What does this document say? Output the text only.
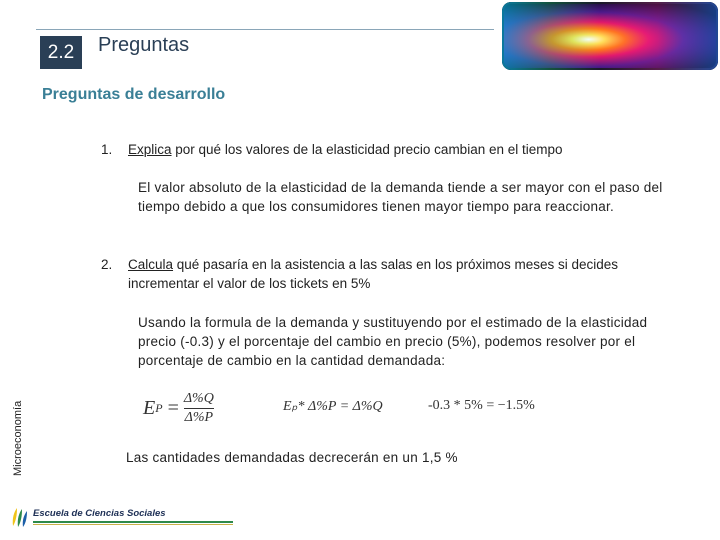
2.2 Preguntas
Preguntas de desarrollo
1. Explica por qué los valores de la elasticidad precio cambian en el tiempo
El valor absoluto de la elasticidad de la demanda tiende a ser mayor con el paso del tiempo debido a que los consumidores tienen mayor tiempo para reaccionar.
2. Calcula qué pasaría en la asistencia a las salas en los próximos meses si decides incrementar el valor de los tickets en 5%
Usando la formula de la demanda y sustituyendo por el estimado de la elasticidad precio (-0.3) y el porcentaje del cambio en precio (5%), podemos resolver por el porcentaje de cambio en la cantidad demandada:
E $P = \frac{\Delta\%Q}{\Delta\%P}$	Eₚ* Δ%P = Δ%Q	-0.3 * 5% = −1.5%
Las cantidades demandadas decrecerán en un 1,5 %
Microeconomía
Escuela de Ciencias Sociales
